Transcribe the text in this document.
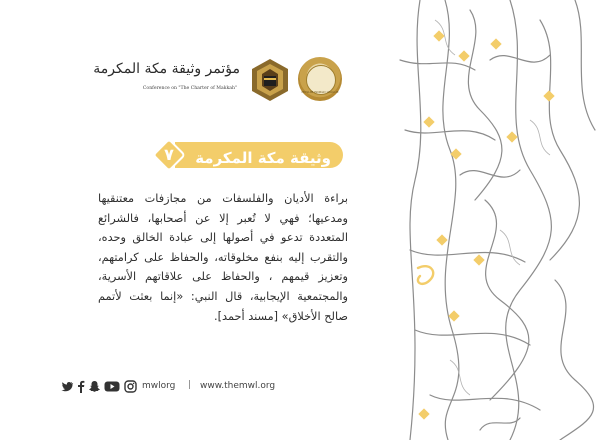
MUSLIM WORLD LEAGUE
مؤتمر وثيقة مكة المكرمة
Conference on "The Charter of Makkah"
وثيقة مكة المكرمة
٧
براءة الأديان والفلسفات من مجازفات معتنقيها ومدعيها؛ فهي لا تُعبر إلا عن أصحابها، فالشرائع المتعددة تدعو في أصولها إلى عبادة الخالق وحده، والتقرب إليه بنفع مخلوقاته، والحفاظ على كرامتهم، وتعزيز قيمهم ، والحفاظ على علاقاتهم الأسرية، والمجتمعية الإيجابية، قال النبي: «إنما بعثت لأتمم صالح الأخلاق» [مسند أحمد].
mwlorg | www.themwl.org
